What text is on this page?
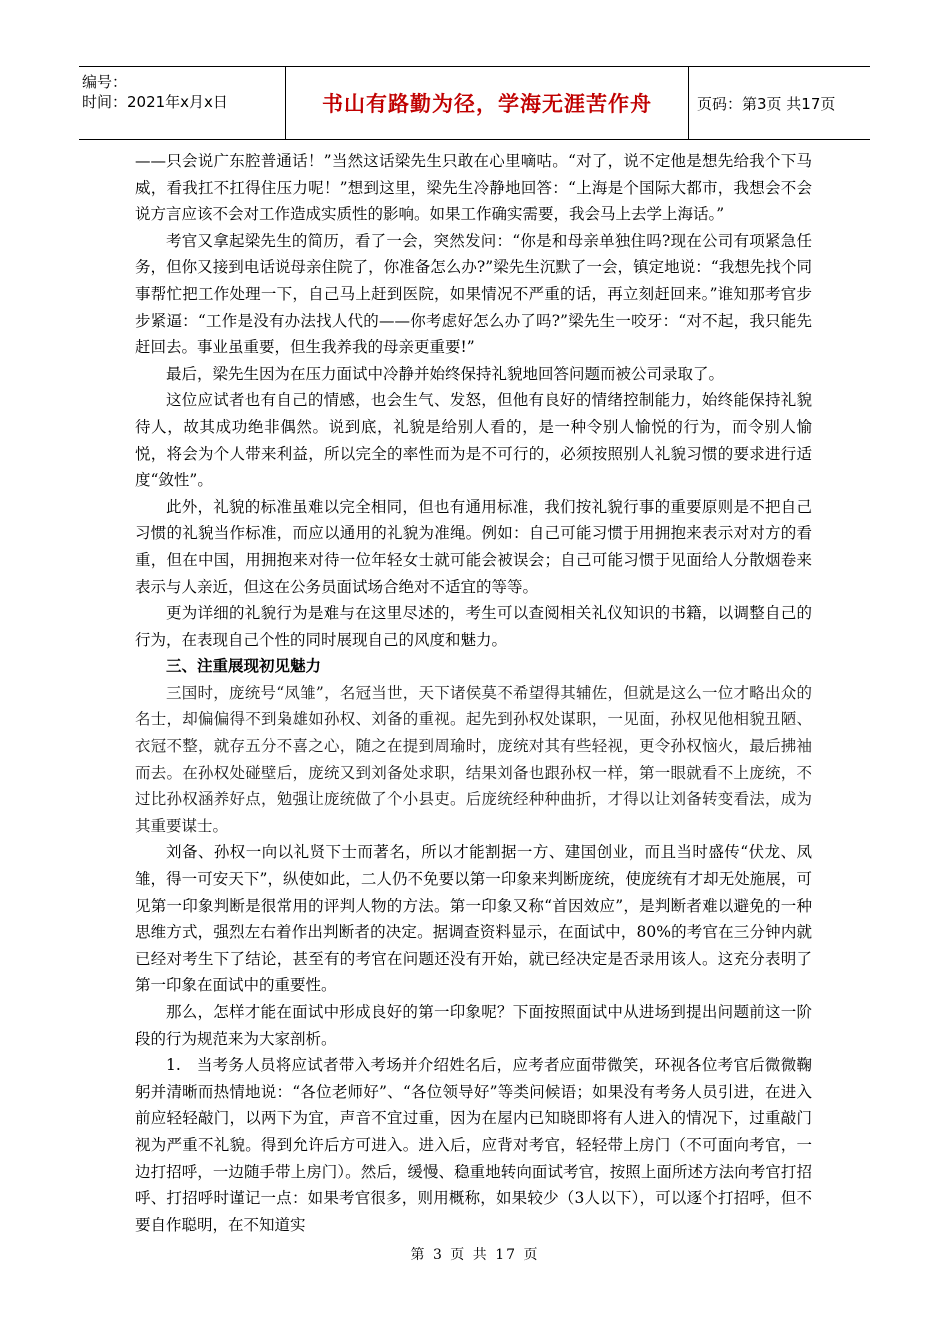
编号：
时间：2021年x月x日	书山有路勤为径，学海无涯苦作舟	页码：第3页 共17页

——只会说广东腔普通话！”当然这话梁先生只敢在心里嘀咕。“对了，说不定他是想先给我个下马威，看我扛不扛得住压力呢！”想到这里，梁先生冷静地回答：“上海是个国际大都市，我想会不会说方言应该不会对工作造成实质性的影响。如果工作确实需要，我会马上去学上海话。”

考官又拿起梁先生的简历，看了一会，突然发问：“你是和母亲单独住吗?现在公司有项紧急任务，但你又接到电话说母亲住院了，你准备怎么办?”梁先生沉默了一会，镇定地说：“我想先找个同事帮忙把工作处理一下，自己马上赶到医院，如果情况不严重的话，再立刻赶回来。”谁知那考官步步紧逼：“工作是没有办法找人代的——你考虑好怎么办了吗?”梁先生一咬牙：“对不起，我只能先赶回去。事业虽重要，但生我养我的母亲更重要!”

最后，梁先生因为在压力面试中冷静并始终保持礼貌地回答问题而被公司录取了。

这位应试者也有自己的情感，也会生气、发怒，但他有良好的情绪控制能力，始终能保持礼貌待人，故其成功绝非偶然。说到底，礼貌是给别人看的，是一种令别人愉悦的行为，而令别人愉悦，将会为个人带来利益，所以完全的率性而为是不可行的，必须按照别人礼貌习惯的要求进行适度“敛性”。

此外，礼貌的标准虽难以完全相同，但也有通用标准，我们按礼貌行事的重要原则是不把自己习惯的礼貌当作标准，而应以通用的礼貌为准绳。例如：自己可能习惯于用拥抱来表示对对方的看重，但在中国，用拥抱来对待一位年轻女士就可能会被误会；自己可能习惯于见面给人分散烟卷来表示与人亲近，但这在公务员面试场合绝对不适宜的等等。

更为详细的礼貌行为是难与在这里尽述的，考生可以查阅相关礼仪知识的书籍，以调整自己的行为，在表现自己个性的同时展现自己的风度和魅力。

三、注重展现初见魅力

三国时，庞统号“凤雏”，名冠当世，天下诸侯莫不希望得其辅佐，但就是这么一位才略出众的名士，却偏偏得不到枭雄如孙权、刘备的重视。起先到孙权处谋职，一见面，孙权见他相貌丑陋、衣冠不整，就存五分不喜之心，随之在提到周瑜时，庞统对其有些轻视，更令孙权恼火，最后拂袖而去。在孙权处碰壁后，庞统又到刘备处求职，结果刘备也跟孙权一样，第一眼就看不上庞统，不过比孙权涵养好点，勉强让庞统做了个小县吏。后庞统经种种曲折，才得以让刘备转变看法，成为其重要谋士。

刘备、孙权一向以礼贤下士而著名，所以才能割据一方、建国创业，而且当时盛传“伏龙、凤雏，得一可安天下”，纵使如此，二人仍不免要以第一印象来判断庞统，使庞统有才却无处施展，可见第一印象判断是很常用的评判人物的方法。第一印象又称“首因效应”，是判断者难以避免的一种思维方式，强烈左右着作出判断者的决定。据调查资料显示，在面试中，80%的考官在三分钟内就已经对考生下了结论，甚至有的考官在问题还没有开始，就已经决定是否录用该人。这充分表明了第一印象在面试中的重要性。

那么，怎样才能在面试中形成良好的第一印象呢？下面按照面试中从进场到提出问题前这一阶段的行为规范来为大家剖析。

1.　当考务人员将应试者带入考场并介绍姓名后，应考者应面带微笑，环视各位考官后微微鞠躬并清晰而热情地说：“各位老师好”、“各位领导好”等类问候语；如果没有考务人员引进，在进入前应轻轻敲门，以两下为宜，声音不宜过重，因为在屋内已知晓即将有人进入的情况下，过重敲门视为严重不礼貌。得到允许后方可进入。进入后，应背对考官，轻轻带上房门（不可面向考官，一边打招呼，一边随手带上房门）。然后，缓慢、稳重地转向面试考官，按照上面所述方法向考官打招呼、打招呼时谨记一点：如果考官很多，则用概称，如果较少（3人以下），可以逐个打招呼，但不要自作聪明，在不知道实

第 3 页 共 17 页
